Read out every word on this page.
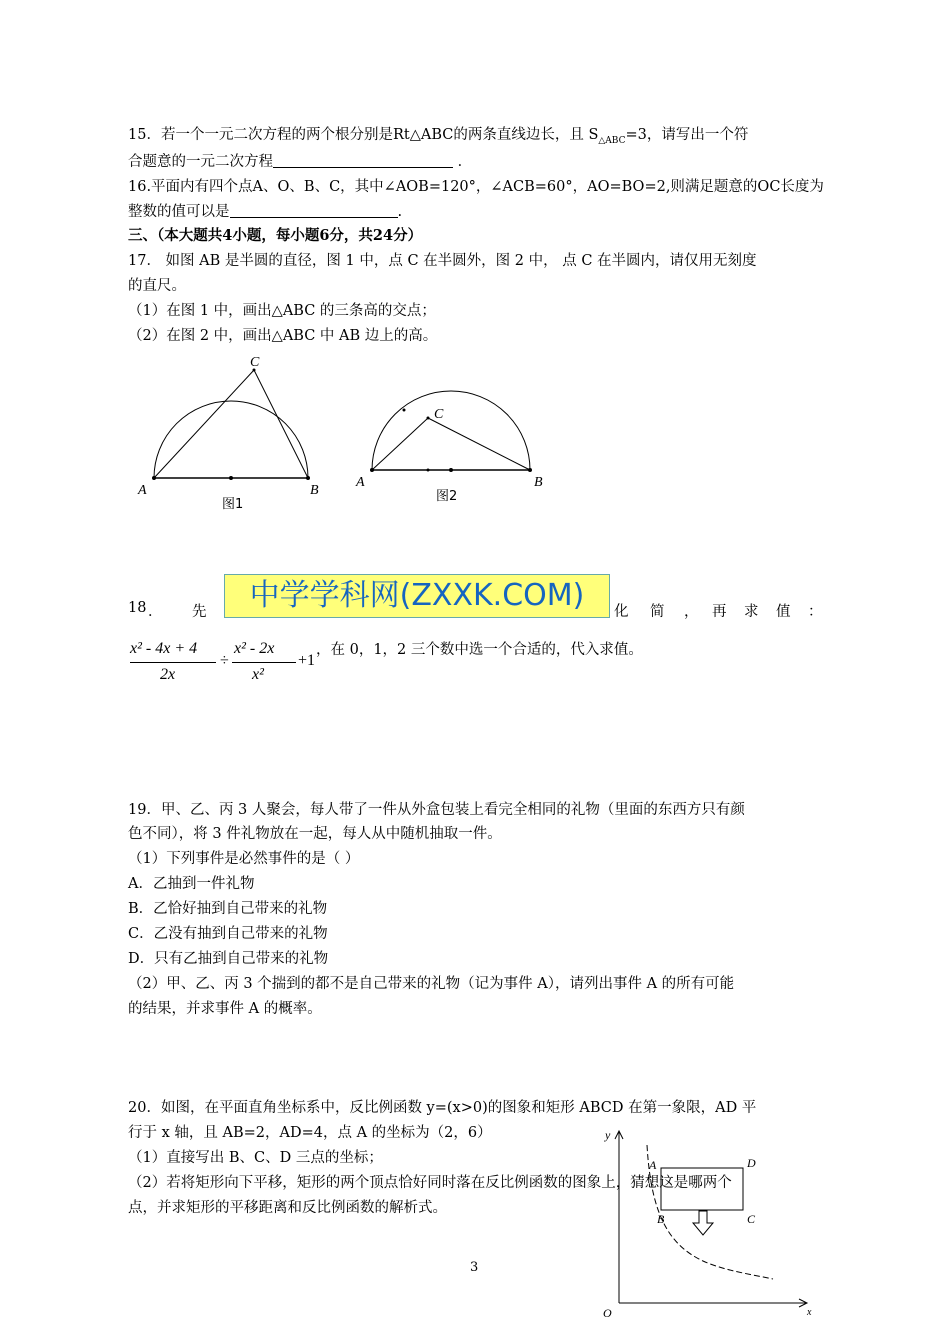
15．若一个一元二次方程的两个根分别是Rt△ABC的两条直线边长，且 $S_{\triangle ABC}=3$，请写出一个符
合题意的一元二次方程	．
16.平面内有四个点A、O、B、C，其中∠AOB=120°，∠ACB=60°，AO=BO=2,则满足题意的OC长度为
整数的值可以是	.
三、（本大题共4小题，每小题6分，共24分）
17． 如图 AB 是半圆的直径，图 1 中，点 C 在半圆外，图 2 中， 点 C 在半圆内，请仅用无刻度
的直尺。
（1）在图 1 中，画出△ABC 的三条高的交点；
（2）在图 2 中，画出△ABC 中 AB 边上的高。
A	B
C
图1
A	B
C
图2
18 ． 先	中学学科网(ZXXK.COM)	化 简 ， 再 求 值 ：
x² - 4x + 4
2x
÷
x² - 2x
x²
+1
，在 0，1，2 三个数中选一个合适的，代入求值。
19．甲、乙、丙 3 人聚会，每人带了一件从外盒包装上看完全相同的礼物（里面的东西方只有颜
色不同），将 3 件礼物放在一起，每人从中随机抽取一件。
（1）下列事件是必然事件的是（ ）
A．乙抽到一件礼物
B．乙恰好抽到自己带来的礼物
C．乙没有抽到自己带来的礼物
D．只有乙抽到自己带来的礼物
（2）甲、乙、丙 3 个揣到的都不是自己带来的礼物（记为事件 A），请列出事件 A 的所有可能
的结果，并求事件 A 的概率。
20．如图，在平面直角坐标系中，反比例函数 y=(x>0)的图象和矩形 ABCD 在第一象限，AD 平
行于 x 轴，且 AB=2，AD=4，点 A 的坐标为（2，6）
（1）直接写出 B、C、D 三点的坐标；
（2）若将矩形向下平移，矩形的两个顶点恰好同时落在反比例函数的图象上，猜想这是哪两个
点，并求矩形的平移距离和反比例函数的解析式。
y
x
O
A
B	C
D
3
